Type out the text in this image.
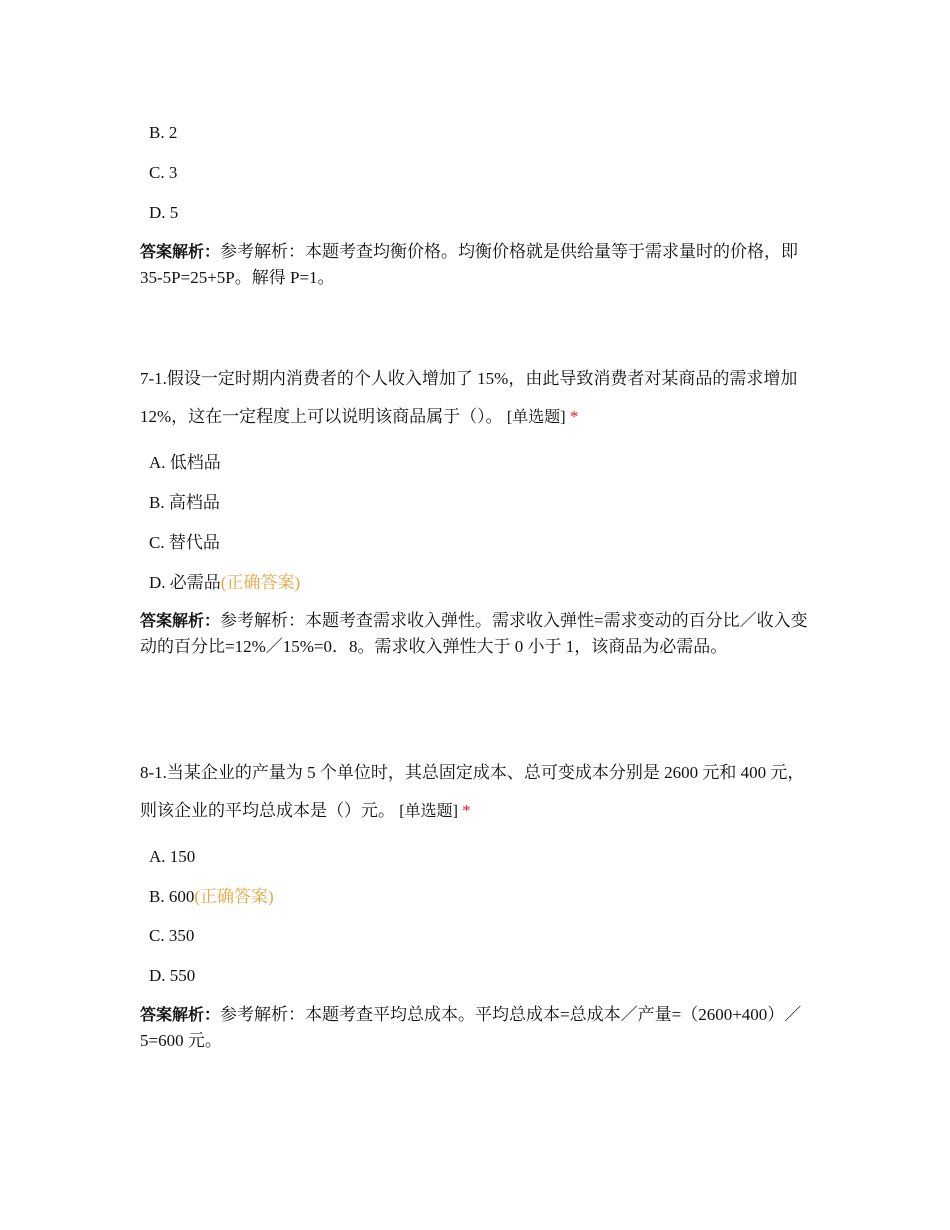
B. 2
C. 3
D. 5
答案解析：参考解析：本题考查均衡价格。均衡价格就是供给量等于需求量时的价格，即 35-5P=25+5P。解得 P=1。
7-1.假设一定时期内消费者的个人收入增加了 15%，由此导致消费者对某商品的需求增加 12%，这在一定程度上可以说明该商品属于（）。 [单选题] *
A. 低档品
B. 高档品
C. 替代品
D. 必需品(正确答案)
答案解析：参考解析：本题考查需求收入弹性。需求收入弹性=需求变动的百分比／收入变动的百分比=12%／15%=0．8。需求收入弹性大于 0 小于 1，该商品为必需品。
8-1.当某企业的产量为 5 个单位时，其总固定成本、总可变成本分别是 2600 元和 400 元，则该企业的平均总成本是（）元。 [单选题] *
A. 150
B. 600(正确答案)
C. 350
D. 550
答案解析：参考解析：本题考查平均总成本。平均总成本=总成本／产量=（2600+400）／5=600 元。
